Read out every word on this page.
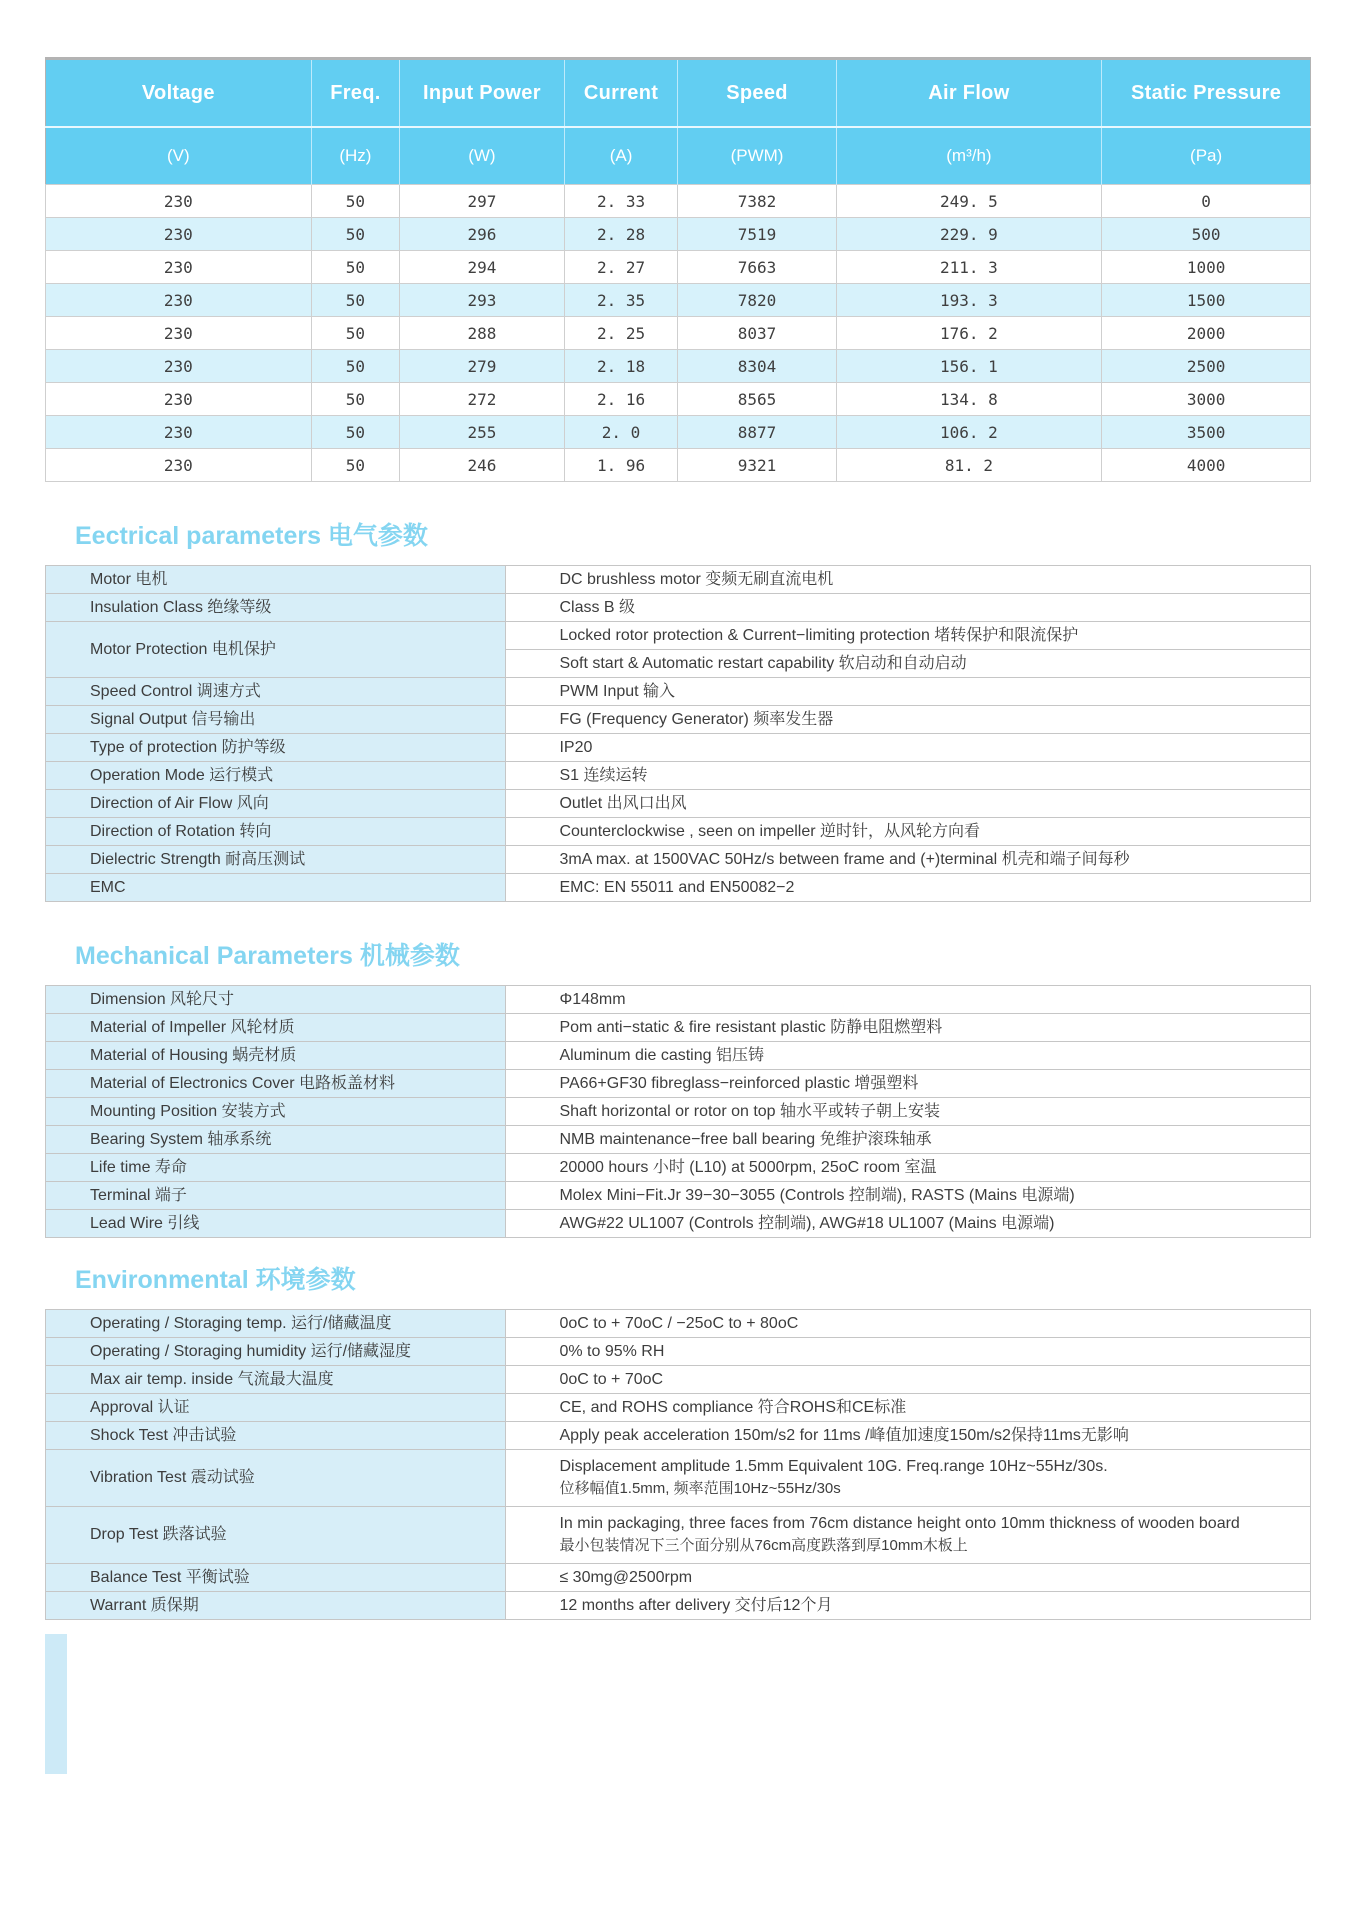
Voltage	Freq.	Input Power	Current	Speed	Air Flow	Static Pressure
(V)	(Hz)	(W)	(A)	(PWM)	(m³/h)	(Pa)
230	50	297	2. 33	7382	249. 5	0
230	50	296	2. 28	7519	229. 9	500
230	50	294	2. 27	7663	211. 3	1000
230	50	293	2. 35	7820	193. 3	1500
230	50	288	2. 25	8037	176. 2	2000
230	50	279	2. 18	8304	156. 1	2500
230	50	272	2. 16	8565	134. 8	3000
230	50	255	2. 0	8877	106. 2	3500
230	50	246	1. 96	9321	81. 2	4000
Eectrical parameters 电气参数
Motor 电机	DC brushless motor 变频无刷直流电机
Insulation Class 绝缘等级	Class B 级
Motor Protection 电机保护	Locked rotor protection & Current−limiting protection 堵转保护和限流保护
	Soft start & Automatic restart capability 软启动和自动启动
Speed Control 调速方式	PWM Input 输入
Signal Output 信号输出	FG (Frequency Generator) 频率发生器
Type of protection 防护等级	IP20
Operation Mode 运行模式	S1 连续运转
Direction of Air Flow 风向	Outlet 出风口出风
Direction of Rotation 转向	Counterclockwise , seen on impeller 逆时针，从风轮方向看
Dielectric Strength 耐高压测试	3mA max. at 1500VAC 50Hz/s between frame and (+)terminal 机壳和端子间每秒
EMC	EMC: EN 55011 and EN50082−2
Mechanical Parameters 机械参数
Dimension 风轮尺寸	Φ148mm
Material of Impeller 风轮材质	Pom anti−static & fire resistant plastic 防静电阻燃塑料
Material of Housing 蜗壳材质	Aluminum die casting 铝压铸
Material of Electronics Cover 电路板盖材料	PA66+GF30 fibreglass−reinforced plastic 增强塑料
Mounting Position 安装方式	Shaft horizontal or rotor on top 轴水平或转子朝上安装
Bearing System 轴承系统	NMB maintenance−free ball bearing 免维护滚珠轴承
Life time 寿命	20000 hours 小时 (L10) at 5000rpm, 25oC room 室温
Terminal 端子	Molex Mini−Fit.Jr 39−30−3055 (Controls 控制端), RASTS (Mains 电源端)
Lead Wire 引线	AWG#22 UL1007 (Controls 控制端), AWG#18 UL1007 (Mains 电源端)
Environmental 环境参数
Operating / Storaging temp. 运行/储藏温度	0oC to + 70oC / −25oC to + 80oC
Operating / Storaging humidity 运行/储藏湿度	0% to 95% RH
Max air temp. inside 气流最大温度	0oC to + 70oC
Approval 认证	CE, and ROHS compliance 符合ROHS和CE标准
Shock Test 冲击试验	Apply peak acceleration 150m/s2 for 11ms /峰值加速度150m/s2保持11ms无影响
Vibration Test 震动试验	Displacement amplitude 1.5mm Equivalent 10G. Freq.range 10Hz~55Hz/30s.
位移幅值1.5mm, 频率范围10Hz~55Hz/30s

Drop Test 跌落试验	In min packaging, three faces from 76cm distance height onto 10mm thickness of wooden board
最小包装情况下三个面分别从76cm高度跌落到厚10mm木板上

Balance Test 平衡试验	≤ 30mg@2500rpm
Warrant 质保期	12 months after delivery 交付后12个月
